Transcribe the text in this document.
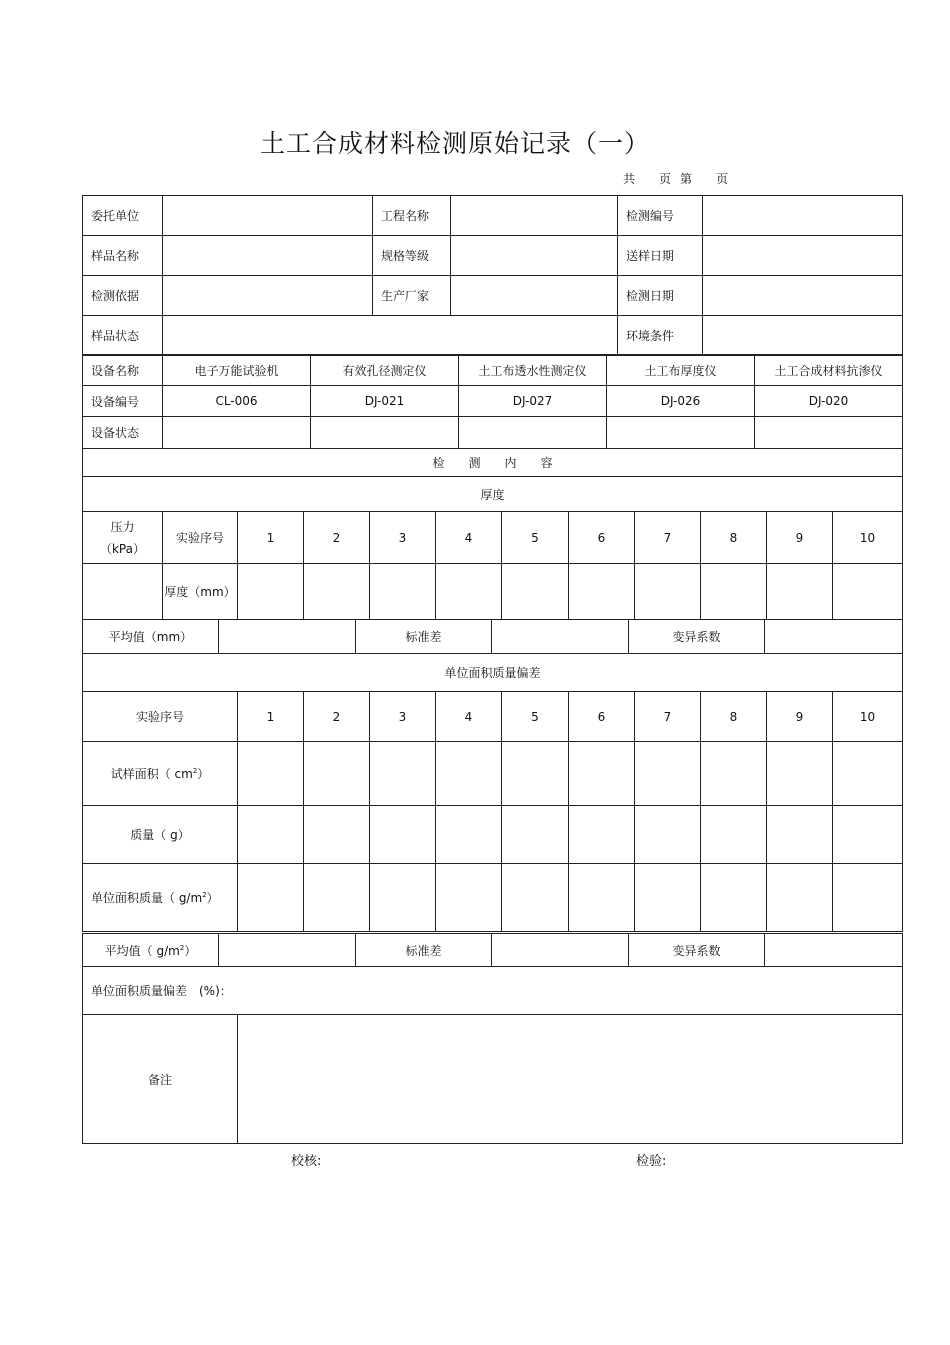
土工合成材料检测原始记录（一）
共 页 第 页
委托单位		工程名称		检测编号	
样品名称		规格等级		送样日期	
检测依据		生产厂家		检测日期	
样品状态				环境条件	
设备名称	电子万能试验机	有效孔径测定仪	土工布透水性测定仪	土工布厚度仪	土工合成材料抗渗仪
设备编号	CL-006	DJ-021	DJ-027	DJ-026	DJ-020
设备状态					
检　　测　　内　　容					
厚度					
压力
（kPa）	实验序号	1	2	3	4	5	6	7	8	9	10
	厚度（mm）										
平均值（mm）		标准差		变异系数	
单位面积质量偏差
实验序号	1	2	3	4	5	6	7	8	9	10
试样面积（ $cm^2$）										
质量（ g）										
单位面积质量（ $g/m^2$）										
平均值（ $g/m^2$）		标准差		变异系数	
单位面积质量偏差　(%)：
备注	
校核:	检验:
